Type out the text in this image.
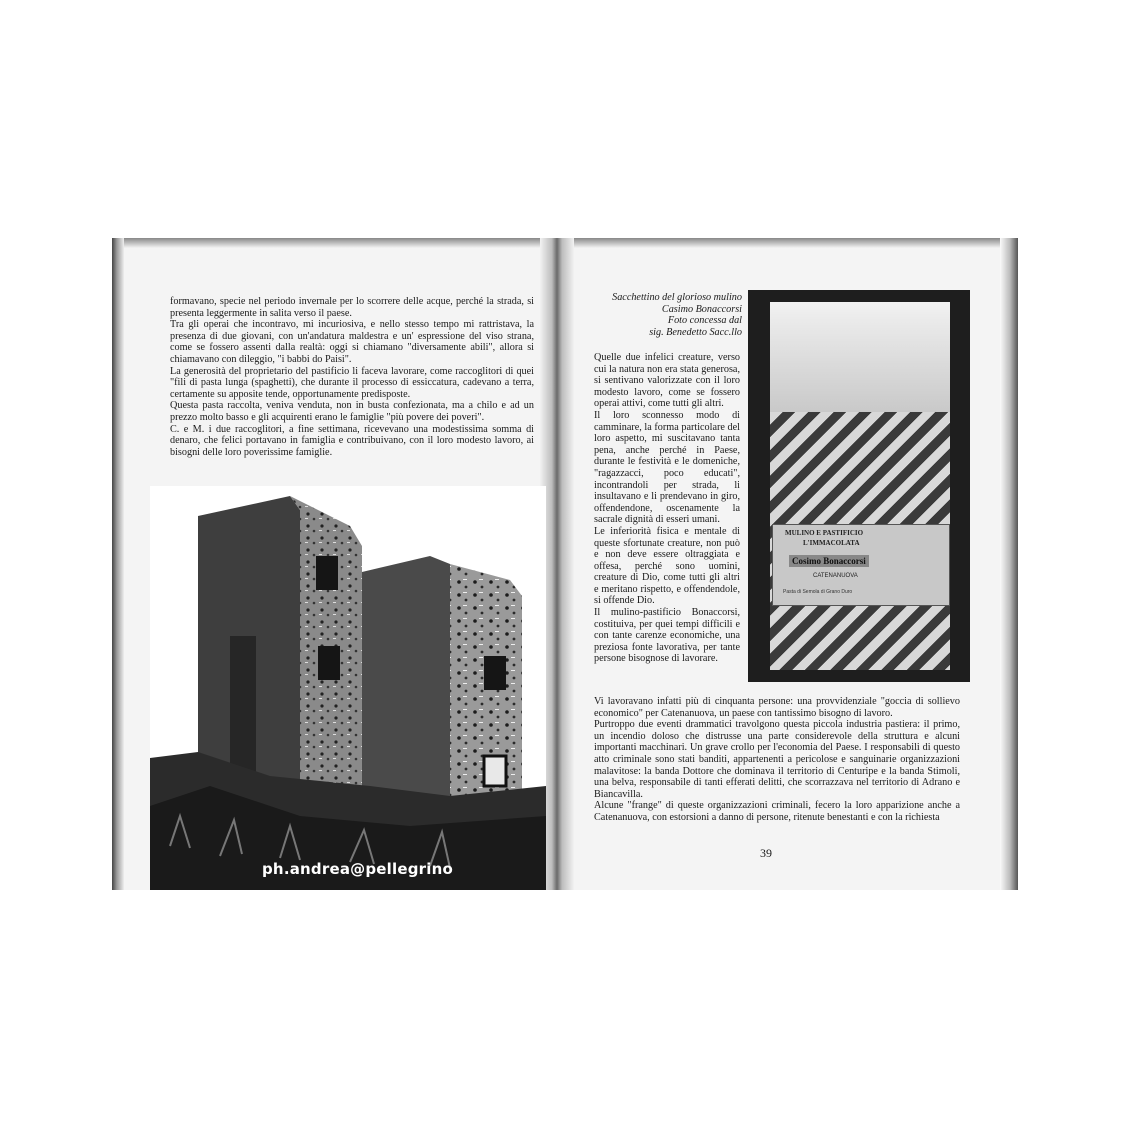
formavano, specie nel periodo invernale per lo scorrere delle acque, perché la strada, si presenta leggermente in salita verso il paese.

Tra gli operai che incontravo, mi incuriosiva, e nello stesso tempo mi rattristava, la presenza di due giovani, con un'andatura maldestra e un' espressione del viso strana, come se fossero assenti dalla realtà: oggi si chiamano "diversamente abili", allora si chiamavano con dileggio, "i babbi do Paisi".

La generosità del proprietario del pastificio li faceva lavorare, come raccoglitori di quei "fili di pasta lunga (spaghetti), che durante il processo di essiccatura, cadevano a terra, certamente su apposite tende, opportunamente predisposte.

Questa pasta raccolta, veniva venduta, non in busta confezionata, ma a chilo e ad un prezzo molto basso e gli acquirenti erano le famiglie "più povere dei poveri".

C. e M. i due raccoglitori, a fine settimana, ricevevano una modestissima somma di denaro, che felici portavano in famiglia e contribuivano, con il loro modesto lavoro, ai bisogni delle loro poverissime famiglie.

ph.andrea@pellegrino
Sacchettino del glorioso mulino
Casimo Bonaccorsi
Foto concessa dal
sig. Benedetto Sacc.llo
MULINO E PASTIFICIO
L'IMMACOLATA
Cosimo Bonaccorsi
CATENANUOVA
Pasta di Semola di Grano Duro

Quelle due infelici creature, verso cui la natura non era stata generosa, si sentivano valorizzate con il loro modesto lavoro, come se fossero operai attivi, come tutti gli altri.

Il loro sconnesso modo di camminare, la forma particolare del loro aspetto, mi suscitavano tanta pena, anche perché in Paese, durante le festività e le domeniche, "ragazzacci, poco educati", incontrandoli per strada, li insultavano e li prendevano in giro, offendendone, oscenamente la sacrale dignità di esseri umani.

Le inferiorità fisica e mentale di queste sfortunate creature, non può e non deve essere oltraggiata e offesa, perché sono uomini, creature di Dio, come tutti gli altri e meritano rispetto, e offendendole, si offende Dio.

Il mulino-pastificio Bonaccorsi, costituiva, per quei tempi difficili e con tante carenze economiche, una preziosa fonte lavorativa, per tante persone bisognose di lavorare.

Vi lavoravano infatti più di cinquanta persone: una provvidenziale "goccia di sollievo economico" per Catenanuova, un paese con tantissimo bisogno di lavoro.

Purtroppo due eventi drammatici travolgono questa piccola industria pastiera: il primo, un incendio doloso che distrusse una parte considerevole della struttura e alcuni importanti macchinari. Un grave crollo per l'economia del Paese. I responsabili di questo atto criminale sono stati banditi, appartenenti a pericolose e sanguinarie organizzazioni malavitose: la banda Dottore che dominava il territorio di Centuripe e la banda Stimoli, una belva, responsabile di tanti efferati delitti, che scorrazzava nel territorio di Adrano e Biancavilla.

Alcune "frange" di queste organizzazioni criminali, fecero la loro apparizione anche a Catenanuova, con estorsioni a danno di persone, ritenute benestanti e con la richiesta

39
